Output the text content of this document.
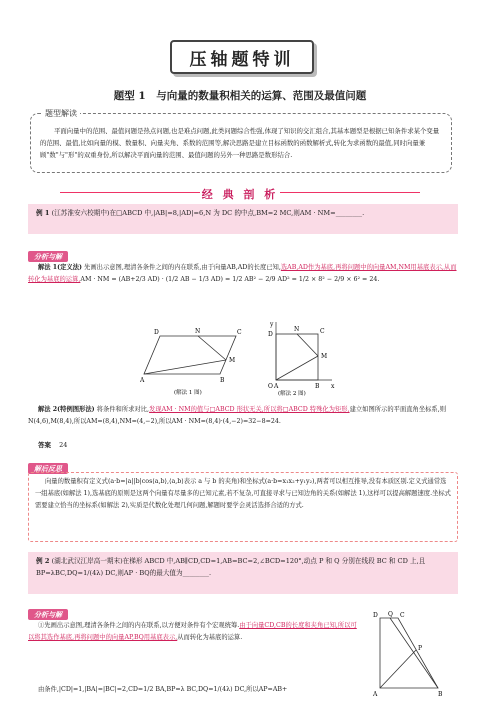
压轴题特训
题型 1　与向量的数量积相关的运算、范围及最值问题
题型解读
平面向量中的范围、最值问题是热点问题,也是难点问题,此类问题综合性强,体现了知识的交汇组合,其基本题型是根据已知条件求某个变量的范围、最值,比如向量的模、数量积、向量夹角、系数的范围等,解决思路是建立目标函数的函数解析式,转化为求函数的最值,同时向量兼顾"数"与"形"的双重身份,所以解决平面向量的范围、最值问题的另外一种思路是数形结合.
经 典 剖 析
例 1 (江苏淮安六校期中)在□ABCD 中,|AB|=8,|AD|=6,N 为 DC 的中点,BM=2 MC,则AM · NM=________.
分析与解
解法 1(定义法) 先画出示意图,理清各条件之间的内在联系,由于向量AB,AD的长度已知,选AB,AD作为基底,再将问题中的向量AM,NM用基底表示,从而转化为基底的运算,AM · NM = (AB+2/3 AD) · (1/2 AB − 1/3 AD) = 1/2 AB² − 2/9 AD² = 1/2 × 8² − 2/9 × 6² = 24.
D	N	C
M
A	B
(解法 1 图)
y
D
N	C
M
O A	B x
(解法 2 图)
解法 2(特例图形法) 将条件和所求对比,发现AM · NM的值与□ABCD 形状无关,所以将□ABCD 特殊化为矩形,建立如图所示的平面直角坐标系,则 N(4,6),M(8,4),所以AM=(8,4),NM=(4,−2),所以AM · NM=(8,4)·(4,−2)=32−8=24.
答案 24
解后反思
向量的数量积有定义式(a·b=|a||b|cos⟨a,b⟩,⟨a,b⟩表示 a 与 b 的夹角)和坐标式(a·b=x₁x₂+y₁y₂),两者可以相互推导,没有本质区别.定义式通常选一组基底(如解法 1),选基底的原则是这两个向量有尽量多的已知元素,若不复杂,可直接寻求与已知边角的关系(如解法 1),这样可以提高解题速度.坐标式需要建立恰当的坐标系(如解法 2),实质是代数化处理几何问题,解题时要学会灵活选择合适的方式.
例 2 (湖北武汉江岸高一期末)在梯形 ABCD 中,AB∥CD,CD=1,AB=BC=2,∠BCD=120°,动点 P 和 Q 分别在线段 BC 和 CD 上,且BP=λBC,DQ=1/(4λ) DC,则AP · BQ的最大值为________.
分析与解
①先画出示意图,理清各条件之间的内在联系,以方便对条件有个宏观统筹.由于向量CD,CB的长度和夹角已知,所以可以将其选作基底,再将问题中的向量AP,BQ用基底表示,从而转化为基底的运算.
由条件,|CD|=1,|BA|=|BC|=2,CD=1/2 BA,BP=λ BC,DQ=1/(4λ) DC,所以AP=AB+
D Q C
P
A	B
